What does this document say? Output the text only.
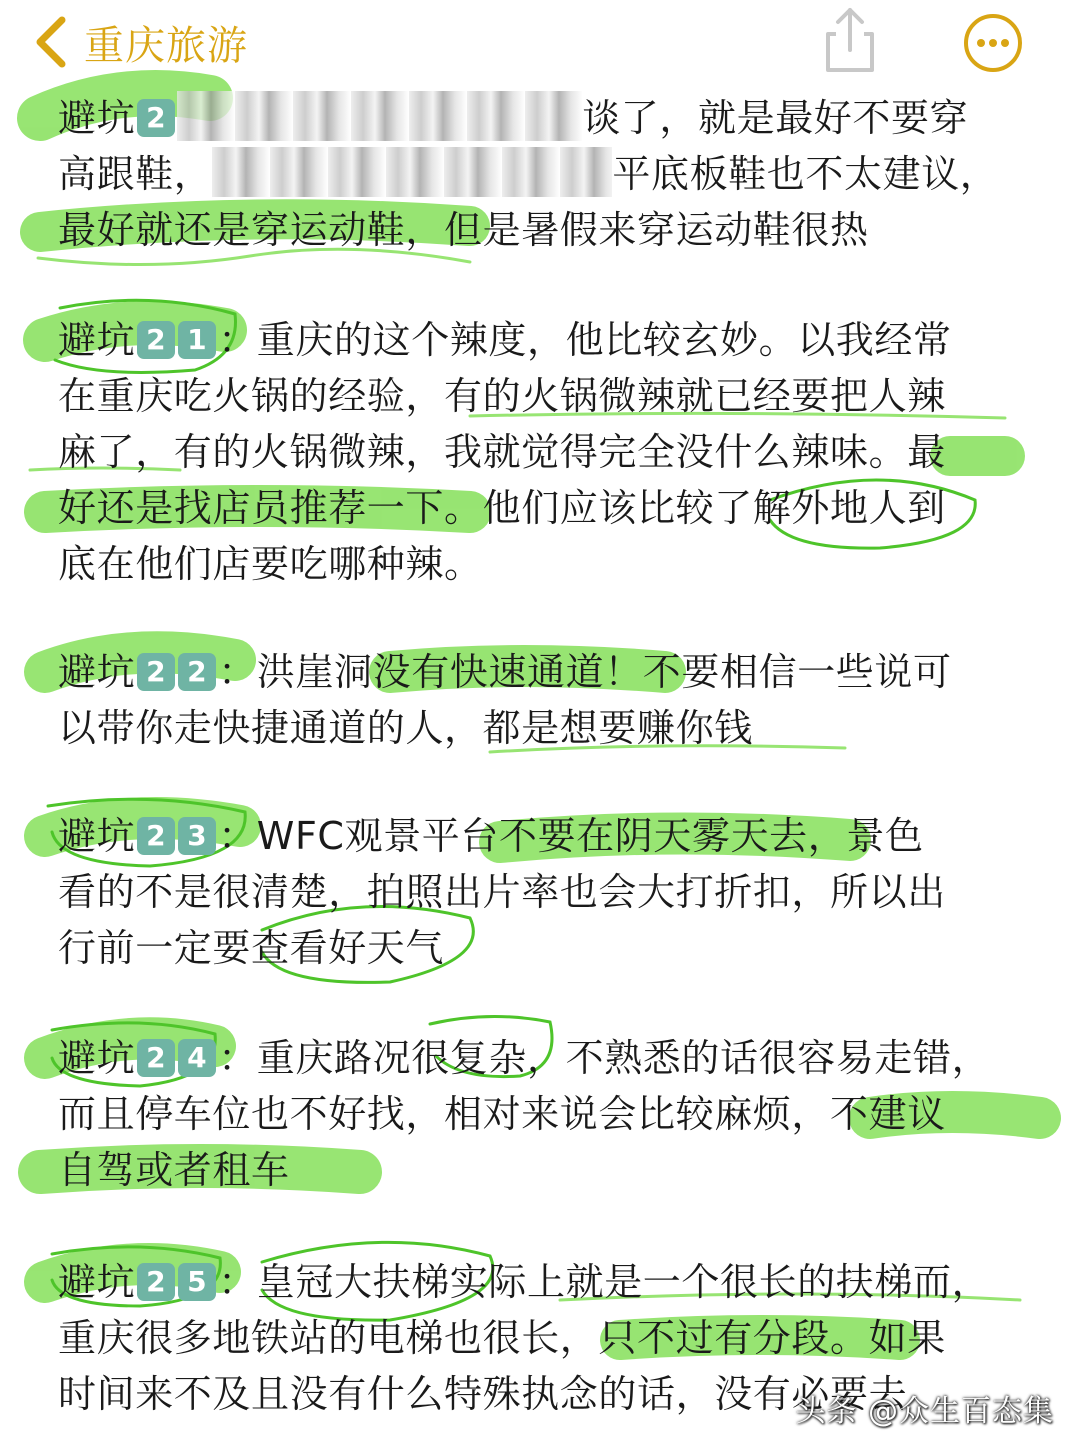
重庆旅游
避坑 2	谈了，就是最好不要穿
高跟鞋，	平底板鞋也不太建议，
最好就还是穿运动鞋，但是暑假来穿运动鞋很热
避坑 2 1 ：重庆的这个辣度，他比较玄妙。以我经常
在重庆吃火锅的经验，有的火锅微辣就已经要把人辣
麻了，有的火锅微辣，我就觉得完全没什么辣味。最
好还是找店员推荐一下。他们应该比较了解外地人到
底在他们店要吃哪种辣。
避坑 2 2 ：洪崖洞没有快速通道！不要相信一些说可
以带你走快捷通道的人，都是想要赚你钱
避坑 2 3 ：WFC观景平台不要在阴天雾天去，景色
看的不是很清楚，拍照出片率也会大打折扣，所以出
行前一定要查看好天气
避坑 2 4 ：重庆路况很复杂，不熟悉的话很容易走错，
而且停车位也不好找，相对来说会比较麻烦，不建议
自驾或者租车
避坑 2 5 ：皇冠大扶梯实际上就是一个很长的扶梯而，
重庆很多地铁站的电梯也很长，只不过有分段。如果
时间来不及且没有什么特殊执念的话，没有必要去
头条 @众生百态集
